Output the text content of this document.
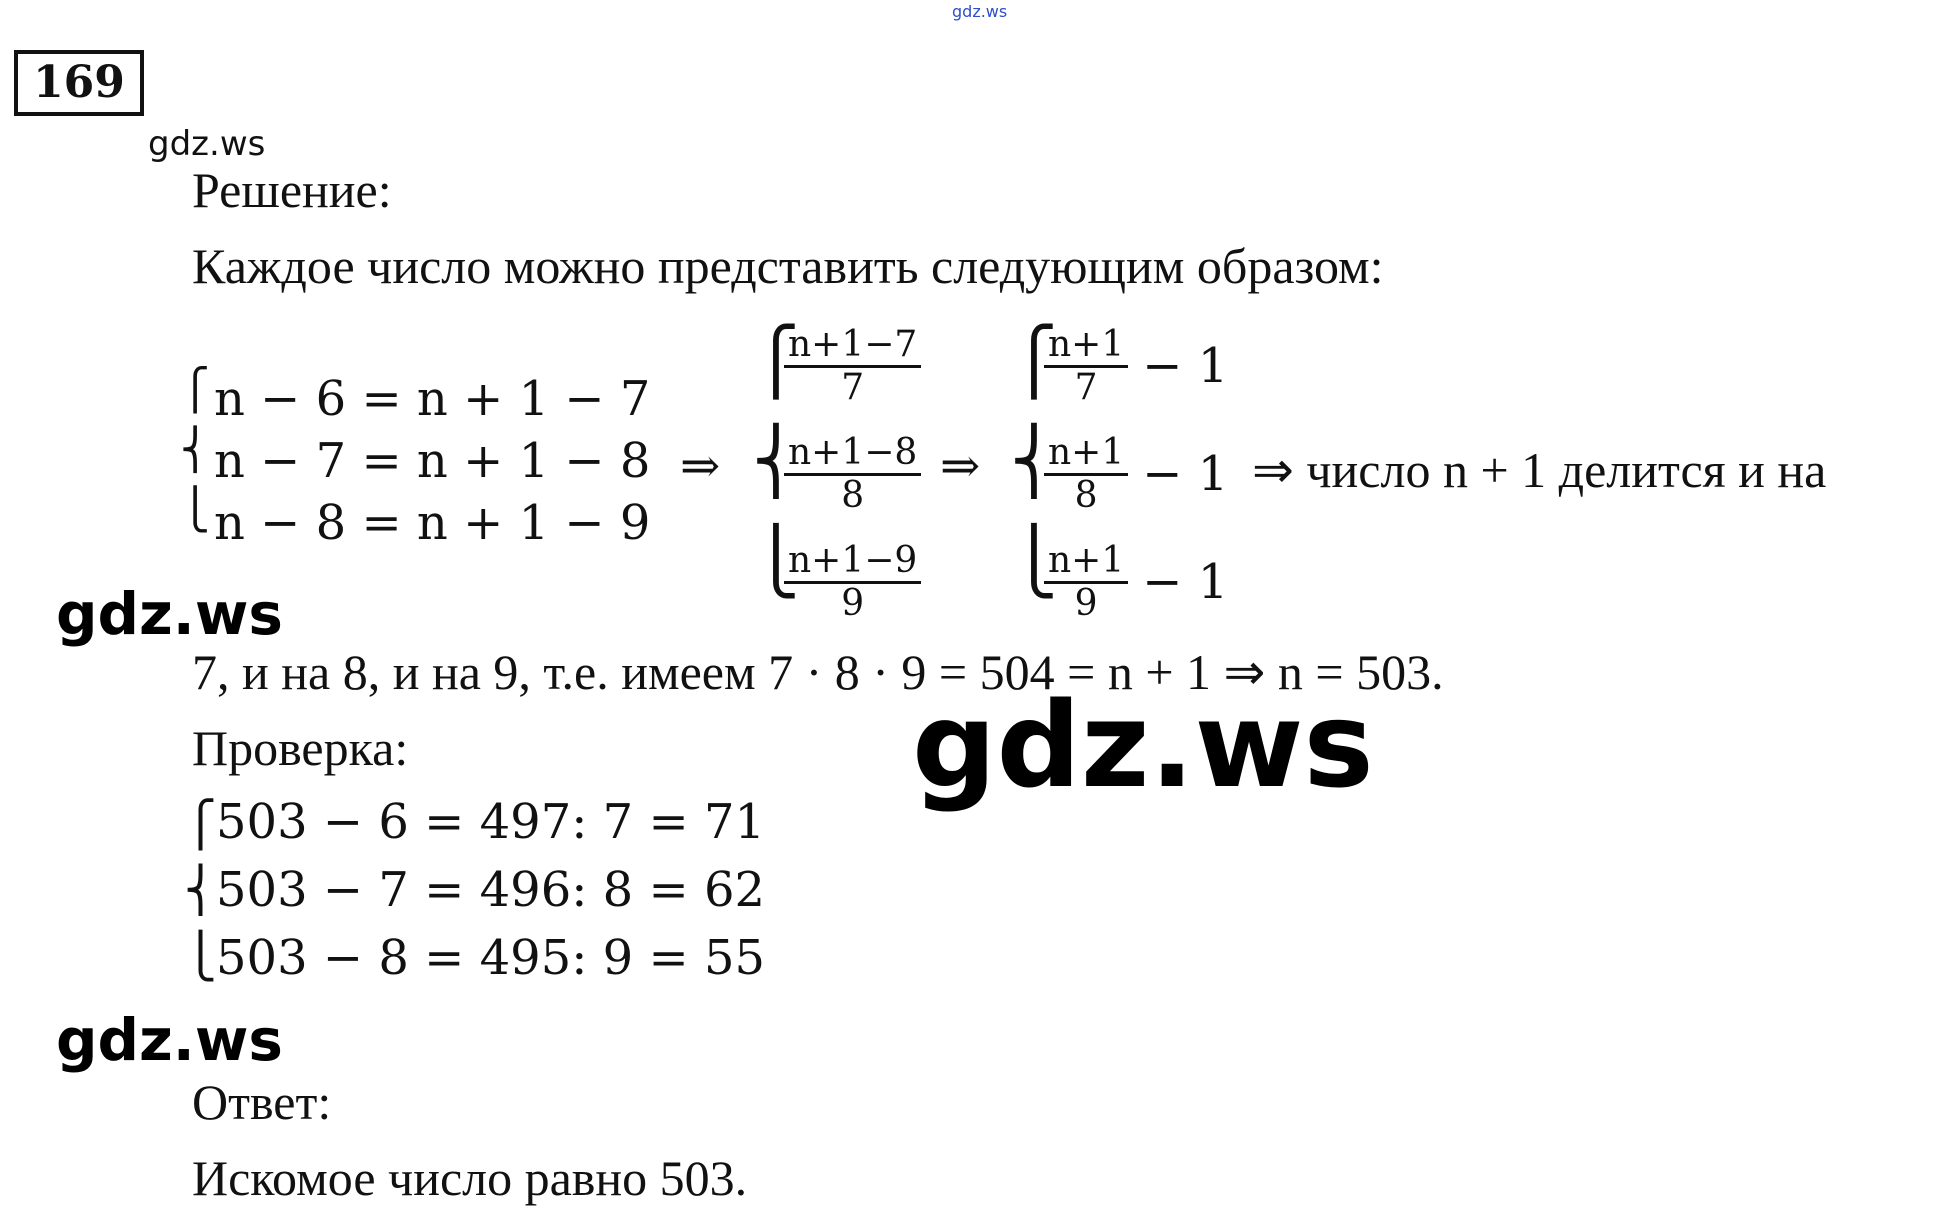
gdz.ws
169
gdz.ws
Решение:
Каждое число можно представить следующим образом:
⎧
⎨
⎩
n − 6 = n + 1 − 7
n − 7 = n + 1 − 8
n − 8 = n + 1 − 9
⇒
⎧
⎨
⎩
$\frac{n+1-7}{7}$
$\frac{n+1-8}{8}$
$\frac{n+1-9}{9}$
⇒
⎧
⎨
⎩
$\frac{n+1}{7} - 1$
$\frac{n+1}{8} - 1$
$\frac{n+1}{9} - 1$
⇒ число n + 1 делится и на
gdz.ws
7, и на 8, и на 9, т.е. имеем 7 · 8 · 9 = 504 = n + 1 ⇒ n = 503.
Проверка:	gdz.ws
⎧
⎨
⎩
503 − 6 = 497: 7 = 71
503 − 7 = 496: 8 = 62
503 − 8 = 495: 9 = 55
gdz.ws
Ответ:
Искомое число равно 503.
